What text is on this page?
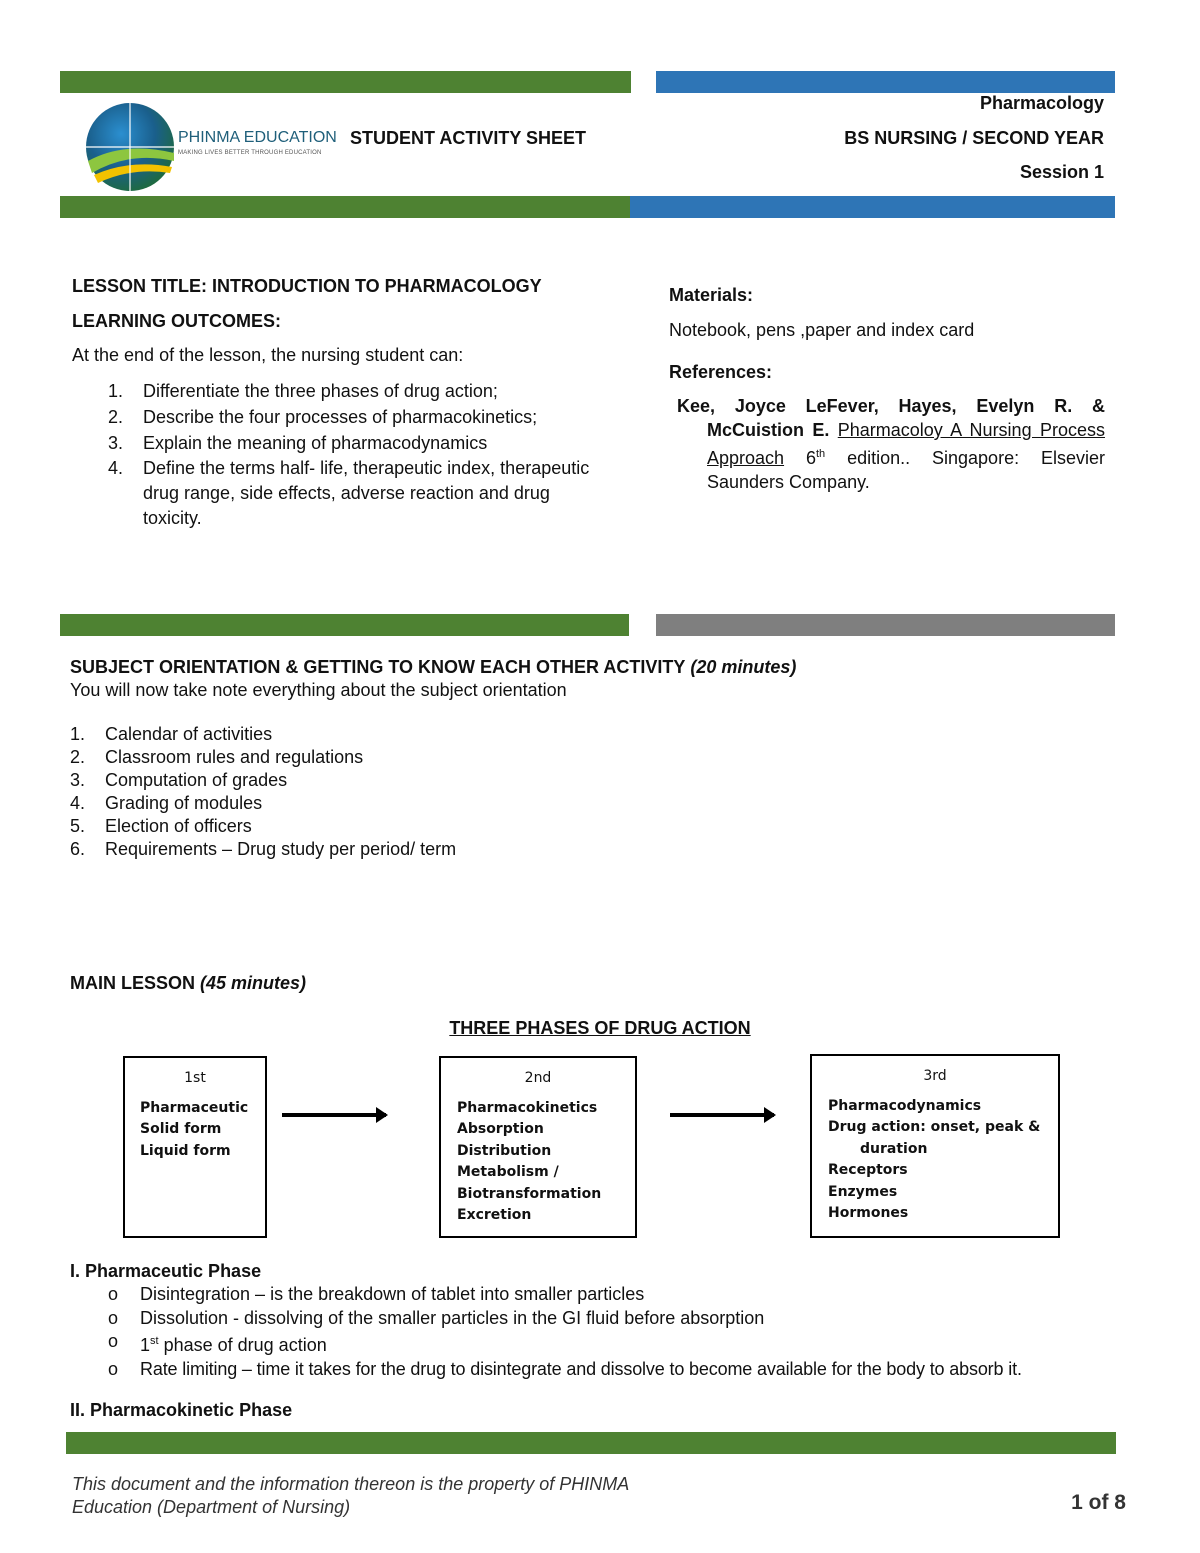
PHINMA EDUCATION
MAKING LIVES BETTER THROUGH EDUCATION
STUDENT ACTIVITY SHEET
Pharmacology
BS NURSING / SECOND YEAR
Session 1
LESSON TITLE: INTRODUCTION TO PHARMACOLOGY
LEARNING OUTCOMES:
At the end of the lesson, the nursing student can:
1. Differentiate the three phases of drug action;
2. Describe the four processes of pharmacokinetics;
3. Explain the meaning of pharmacodynamics
4. Define the terms half- life, therapeutic index, therapeutic drug range, side effects, adverse reaction and drug toxicity.
Materials:
Notebook, pens ,paper and index card
References:
Kee, Joyce LeFever, Hayes, Evelyn R. & McCuistion E. Pharmacoloy A Nursing Process Approach 6th edition.. Singapore: Elsevier Saunders Company.
SUBJECT ORIENTATION & GETTING TO KNOW EACH OTHER ACTIVITY (20 minutes)
You will now take note everything about the subject orientation
1. Calendar of activities
2. Classroom rules and regulations
3. Computation of grades
4. Grading of modules
5. Election of officers
6. Requirements – Drug study per period/ term
MAIN LESSON (45 minutes)
THREE PHASES OF DRUG ACTION
1st
Pharmaceutic
Solid form
Liquid form
2nd
Pharmacokinetics
Absorption
Distribution
Metabolism /
Biotransformation
Excretion
3rd
Pharmacodynamics
Drug action: onset, peak &
duration
Receptors
Enzymes
Hormones
I. Pharmaceutic Phase
o Disintegration – is the breakdown of tablet into smaller particles
o Dissolution - dissolving of the smaller particles in the GI fluid before absorption
o 1st phase of drug action
o Rate limiting – time it takes for the drug to disintegrate and dissolve to become available for the body to absorb it.
II. Pharmacokinetic Phase
This document and the information thereon is the property of PHINMA Education (Department of Nursing)	1 of 8
